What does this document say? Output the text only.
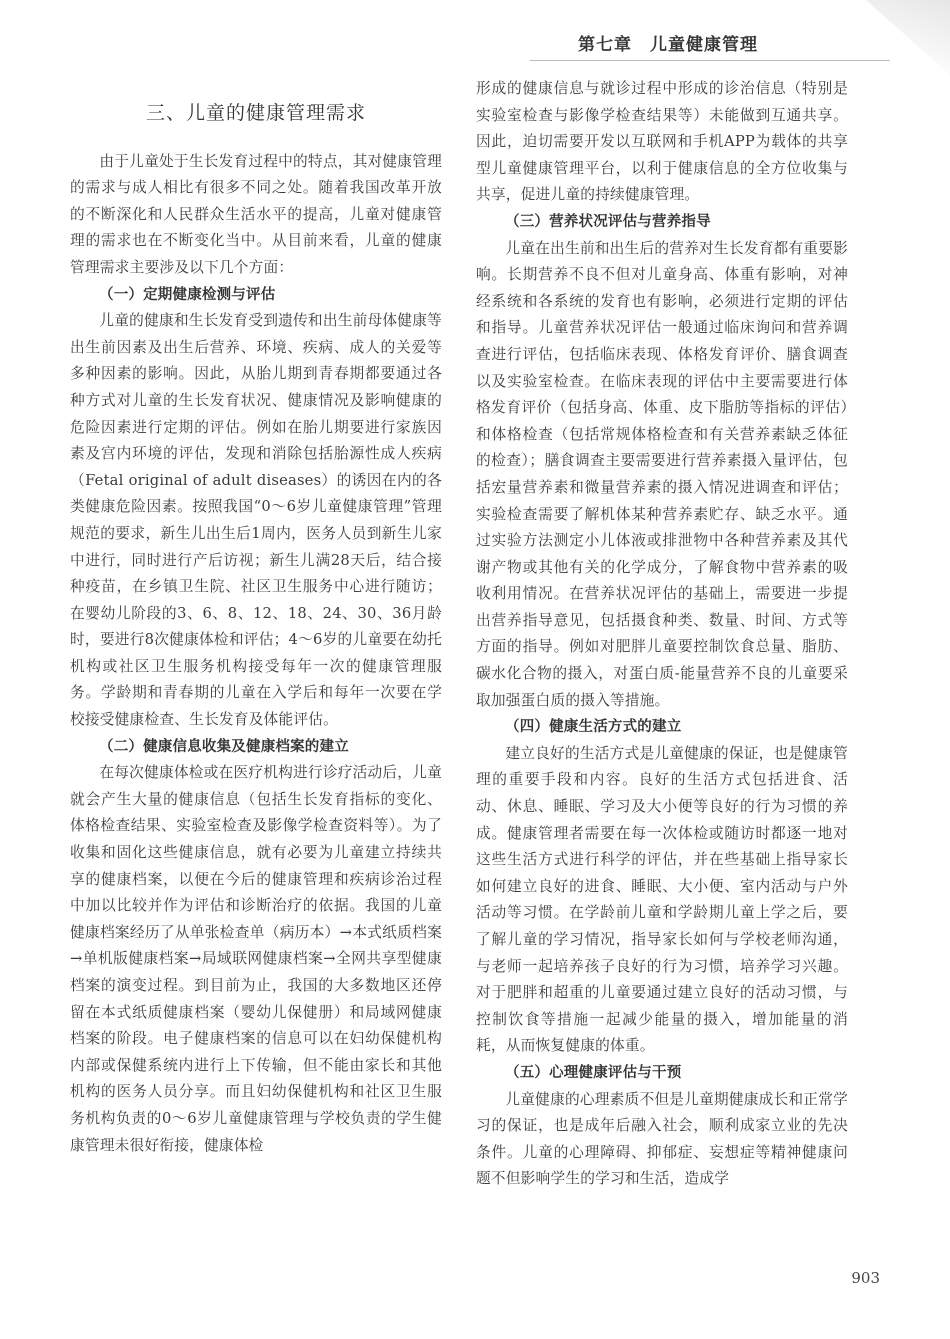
第七章　儿童健康管理
三、儿童的健康管理需求

由于儿童处于生长发育过程中的特点，其对健康管理的需求与成人相比有很多不同之处。随着我国改革开放的不断深化和人民群众生活水平的提高，儿童对健康管理的需求也在不断变化当中。从目前来看，儿童的健康管理需求主要涉及以下几个方面：

（一）定期健康检测与评估

儿童的健康和生长发育受到遗传和出生前母体健康等出生前因素及出生后营养、环境、疾病、成人的关爱等多种因素的影响。因此，从胎儿期到青春期都要通过各种方式对儿童的生长发育状况、健康情况及影响健康的危险因素进行定期的评估。例如在胎儿期要进行家族因素及宫内环境的评估，发现和消除包括胎源性成人疾病（Fetal original of adult diseases）的诱因在内的各类健康危险因素。按照我国“0～6岁儿童健康管理”管理规范的要求，新生儿出生后1周内，医务人员到新生儿家中进行，同时进行产后访视；新生儿满28天后，结合接种疫苗，在乡镇卫生院、社区卫生服务中心进行随访；在婴幼儿阶段的3、6、8、12、18、24、30、36月龄时，要进行8次健康体检和评估；4～6岁的儿童要在幼托机构或社区卫生服务机构接受每年一次的健康管理服务。学龄期和青春期的儿童在入学后和每年一次要在学校接受健康检查、生长发育及体能评估。

（二）健康信息收集及健康档案的建立

在每次健康体检或在医疗机构进行诊疗活动后，儿童就会产生大量的健康信息（包括生长发育指标的变化、体格检查结果、实验室检查及影像学检查资料等）。为了收集和固化这些健康信息，就有必要为儿童建立持续共享的健康档案，以便在今后的健康管理和疾病诊治过程中加以比较并作为评估和诊断治疗的依据。我国的儿童健康档案经历了从单张检查单（病历本）→本式纸质档案→单机版健康档案→局域联网健康档案→全网共享型健康档案的演变过程。到目前为止，我国的大多数地区还停留在本式纸质健康档案（婴幼儿保健册）和局域网健康档案的阶段。电子健康档案的信息可以在妇幼保健机构内部或保健系统内进行上下传输，但不能由家长和其他机构的医务人员分享。而且妇幼保健机构和社区卫生服务机构负责的0～6岁儿童健康管理与学校负责的学生健康管理未很好衔接，健康体检

形成的健康信息与就诊过程中形成的诊治信息（特别是实验室检查与影像学检查结果等）未能做到互通共享。因此，迫切需要开发以互联网和手机APP为载体的共享型儿童健康管理平台，以利于健康信息的全方位收集与共享，促进儿童的持续健康管理。

（三）营养状况评估与营养指导

儿童在出生前和出生后的营养对生长发育都有重要影响。长期营养不良不但对儿童身高、体重有影响，对神经系统和各系统的发育也有影响，必须进行定期的评估和指导。儿童营养状况评估一般通过临床询问和营养调查进行评估，包括临床表现、体格发育评价、膳食调查以及实验室检查。在临床表现的评估中主要需要进行体格发育评价（包括身高、体重、皮下脂肪等指标的评估）和体格检查（包括常规体格检查和有关营养素缺乏体征的检查）；膳食调查主要需要进行营养素摄入量评估，包括宏量营养素和微量营养素的摄入情况进调查和评估；实验检查需要了解机体某种营养素贮存、缺乏水平。通过实验方法测定小儿体液或排泄物中各种营养素及其代谢产物或其他有关的化学成分，了解食物中营养素的吸收利用情况。在营养状况评估的基础上，需要进一步提出营养指导意见，包括摄食种类、数量、时间、方式等方面的指导。例如对肥胖儿童要控制饮食总量、脂肪、碳水化合物的摄入，对蛋白质-能量营养不良的儿童要采取加强蛋白质的摄入等措施。

（四）健康生活方式的建立

建立良好的生活方式是儿童健康的保证，也是健康管理的重要手段和内容。良好的生活方式包括进食、活动、休息、睡眠、学习及大小便等良好的行为习惯的养成。健康管理者需要在每一次体检或随访时都逐一地对这些生活方式进行科学的评估，并在些基础上指导家长如何建立良好的进食、睡眠、大小便、室内活动与户外活动等习惯。在学龄前儿童和学龄期儿童上学之后，要了解儿童的学习情况，指导家长如何与学校老师沟通，与老师一起培养孩子良好的行为习惯，培养学习兴趣。对于肥胖和超重的儿童要通过建立良好的活动习惯，与控制饮食等措施一起减少能量的摄入，增加能量的消耗，从而恢复健康的体重。

（五）心理健康评估与干预

儿童健康的心理素质不但是儿童期健康成长和正常学习的保证，也是成年后融入社会，顺利成家立业的先决条件。儿童的心理障碍、抑郁症、妄想症等精神健康问题不但影响学生的学习和生活，造成学

903
